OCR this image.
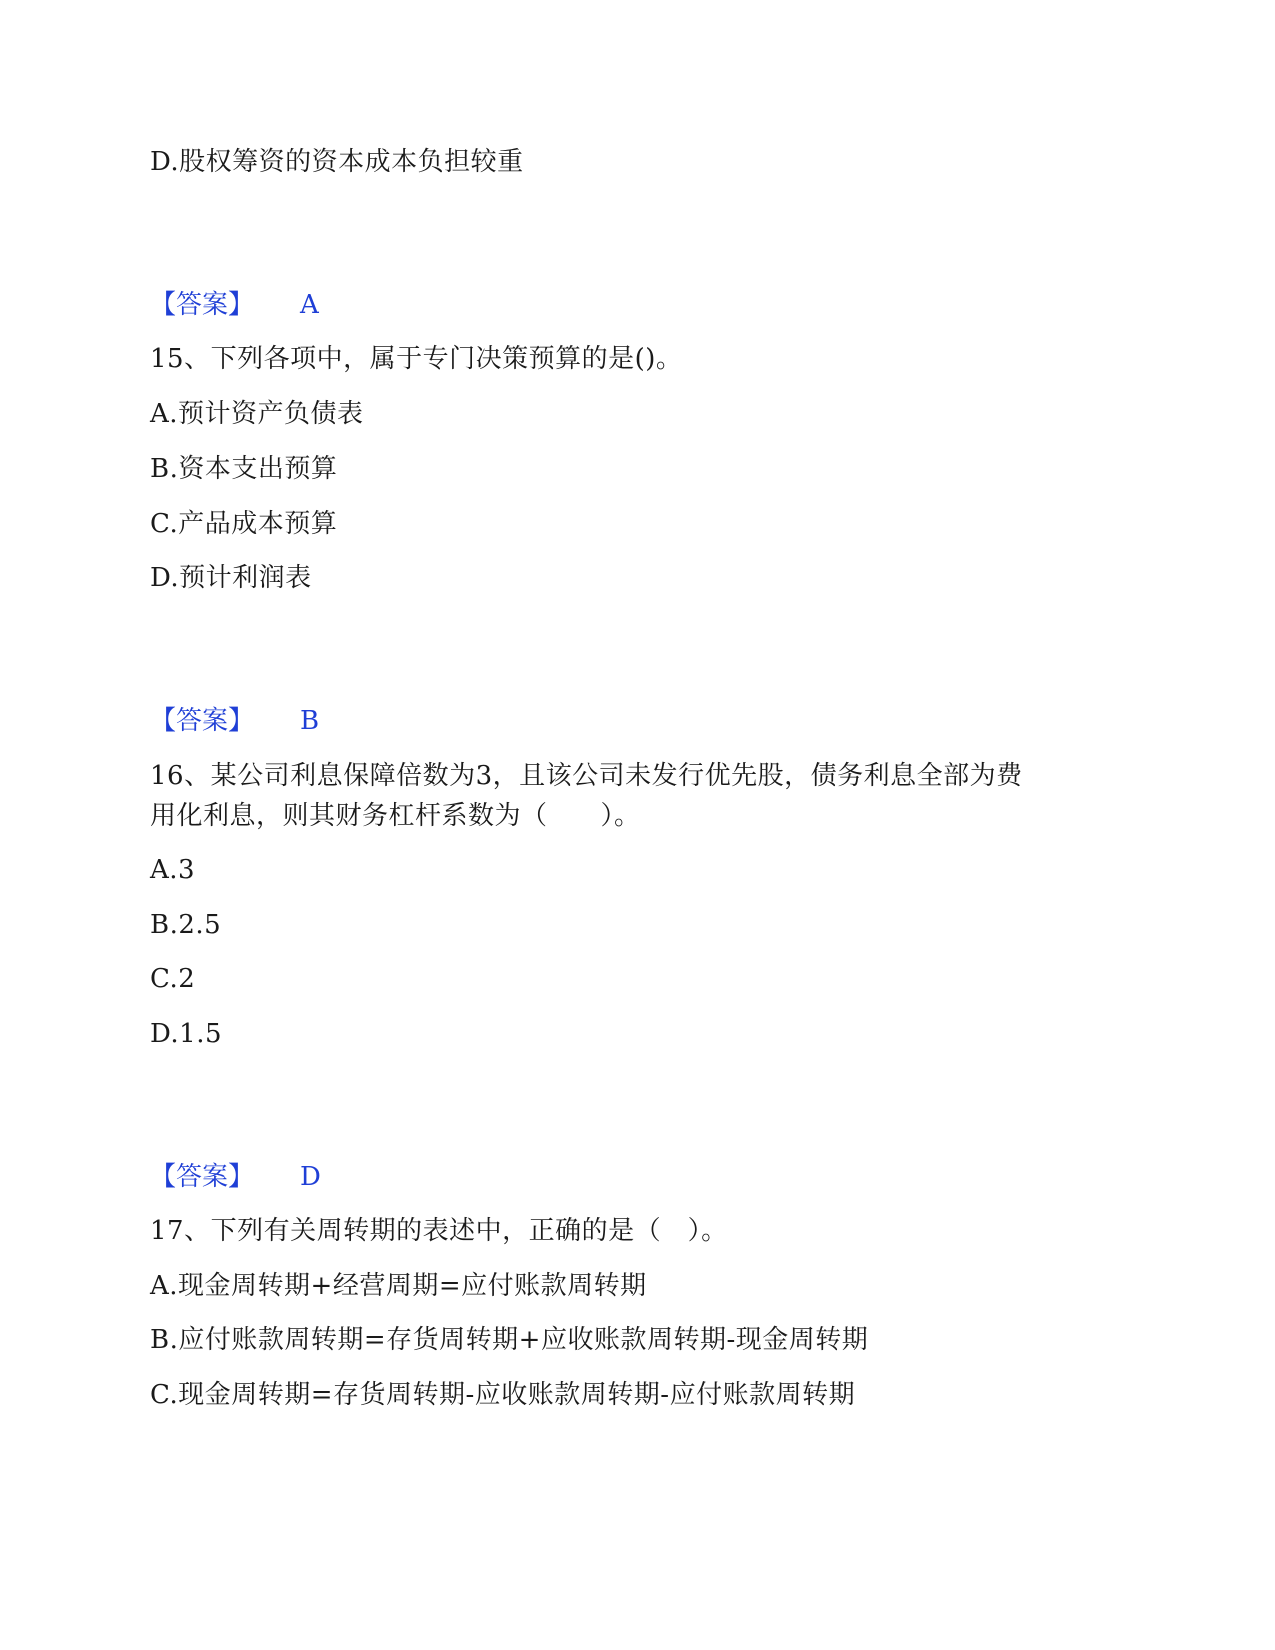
D.股权筹资的资本成本负担较重
【答案】 A
15、下列各项中，属于专门决策预算的是()。
A.预计资产负债表
B.资本支出预算
C.产品成本预算
D.预计利润表
【答案】 B
16、某公司利息保障倍数为3，且该公司未发行优先股，债务利息全部为费
用化利息，则其财务杠杆系数为（　　）。
A.3
B.2.5
C.2
D.1.5
【答案】 D
17、下列有关周转期的表述中，正确的是（　）。
A.现金周转期+经营周期=应付账款周转期
B.应付账款周转期=存货周转期+应收账款周转期-现金周转期
C.现金周转期=存货周转期-应收账款周转期-应付账款周转期
